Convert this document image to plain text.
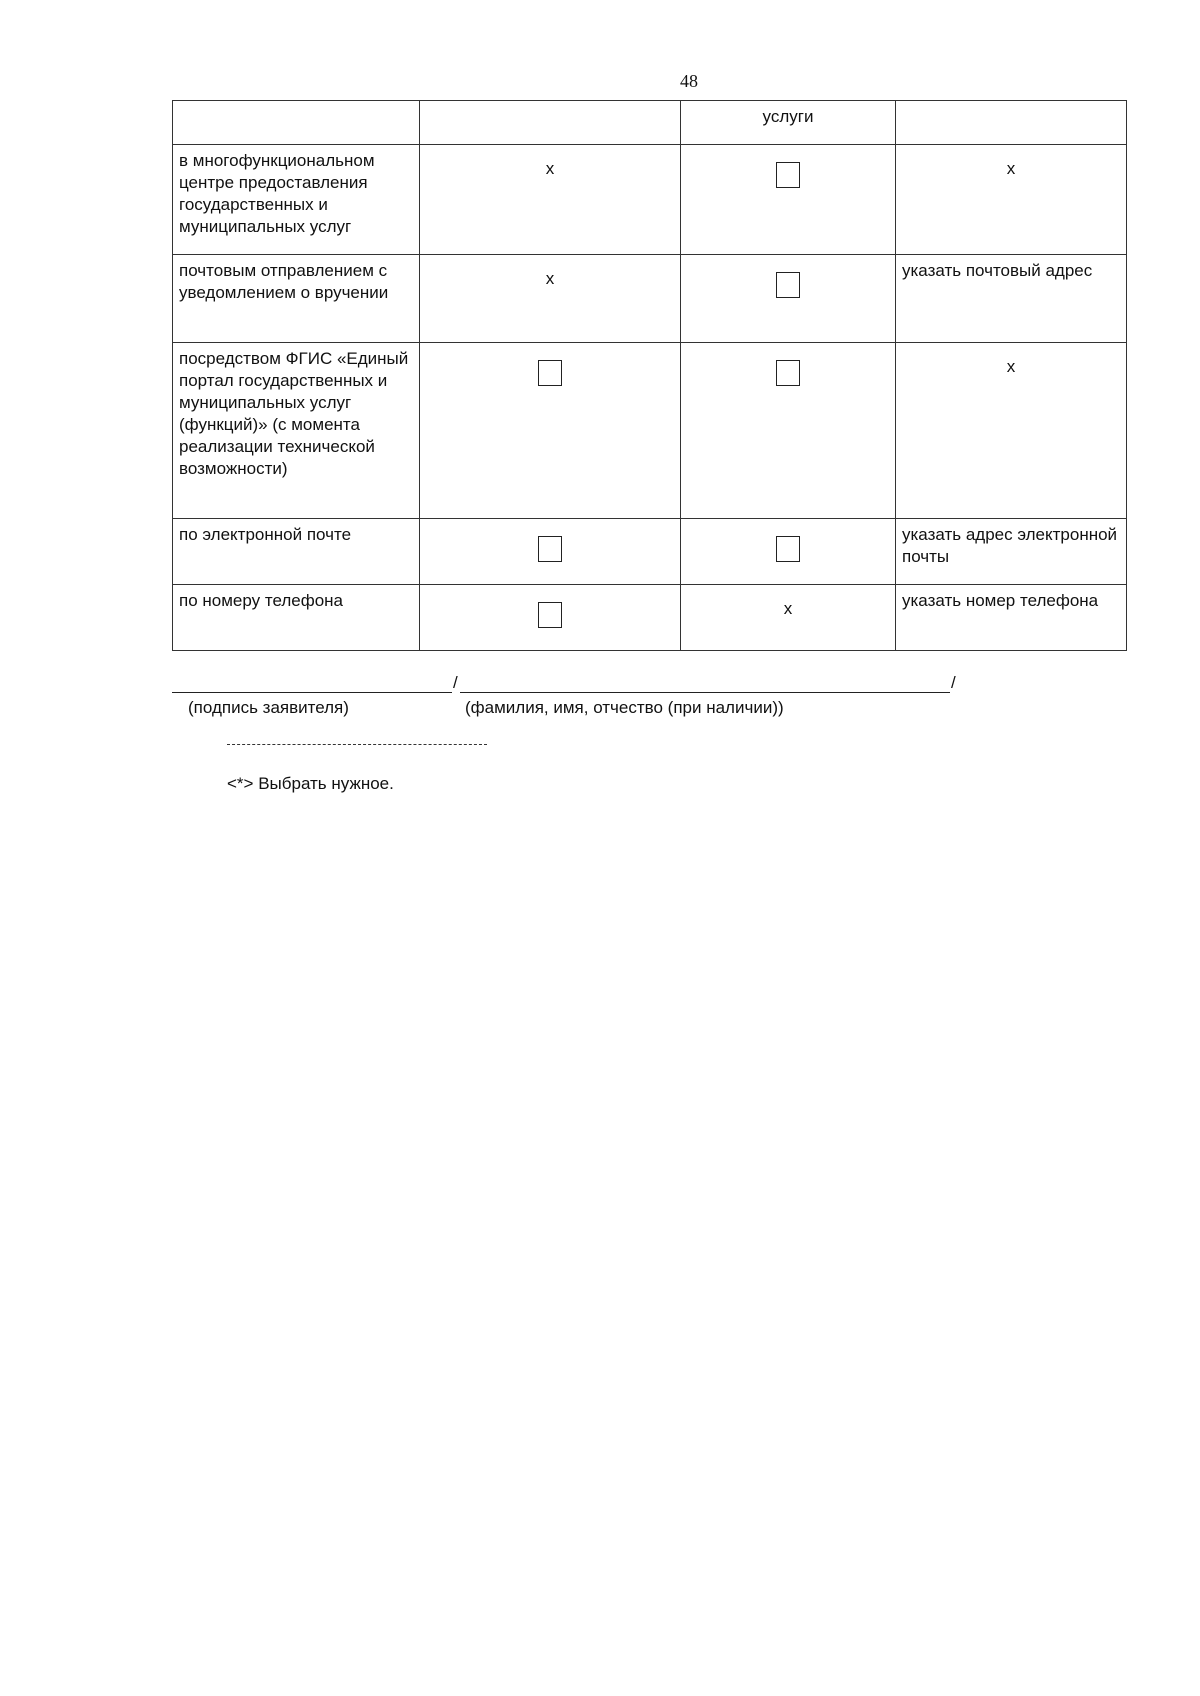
48
		услуги	
в многофункциональном центре предоставления государственных и муниципальных услуг	x		x
почтовым отправлением с уведомлением о вручении	x		указать почтовый адрес
посредством ФГИС «Единый портал государственных и муниципальных услуг (функций)» (с момента реализации технической возможности)			x
по электронной почте			указать адрес электронной почты
по номеру телефона		x	указать номер телефона
/	/
(подпись заявителя)	(фамилия, имя, отчество (при наличии))
<*> Выбрать нужное.
